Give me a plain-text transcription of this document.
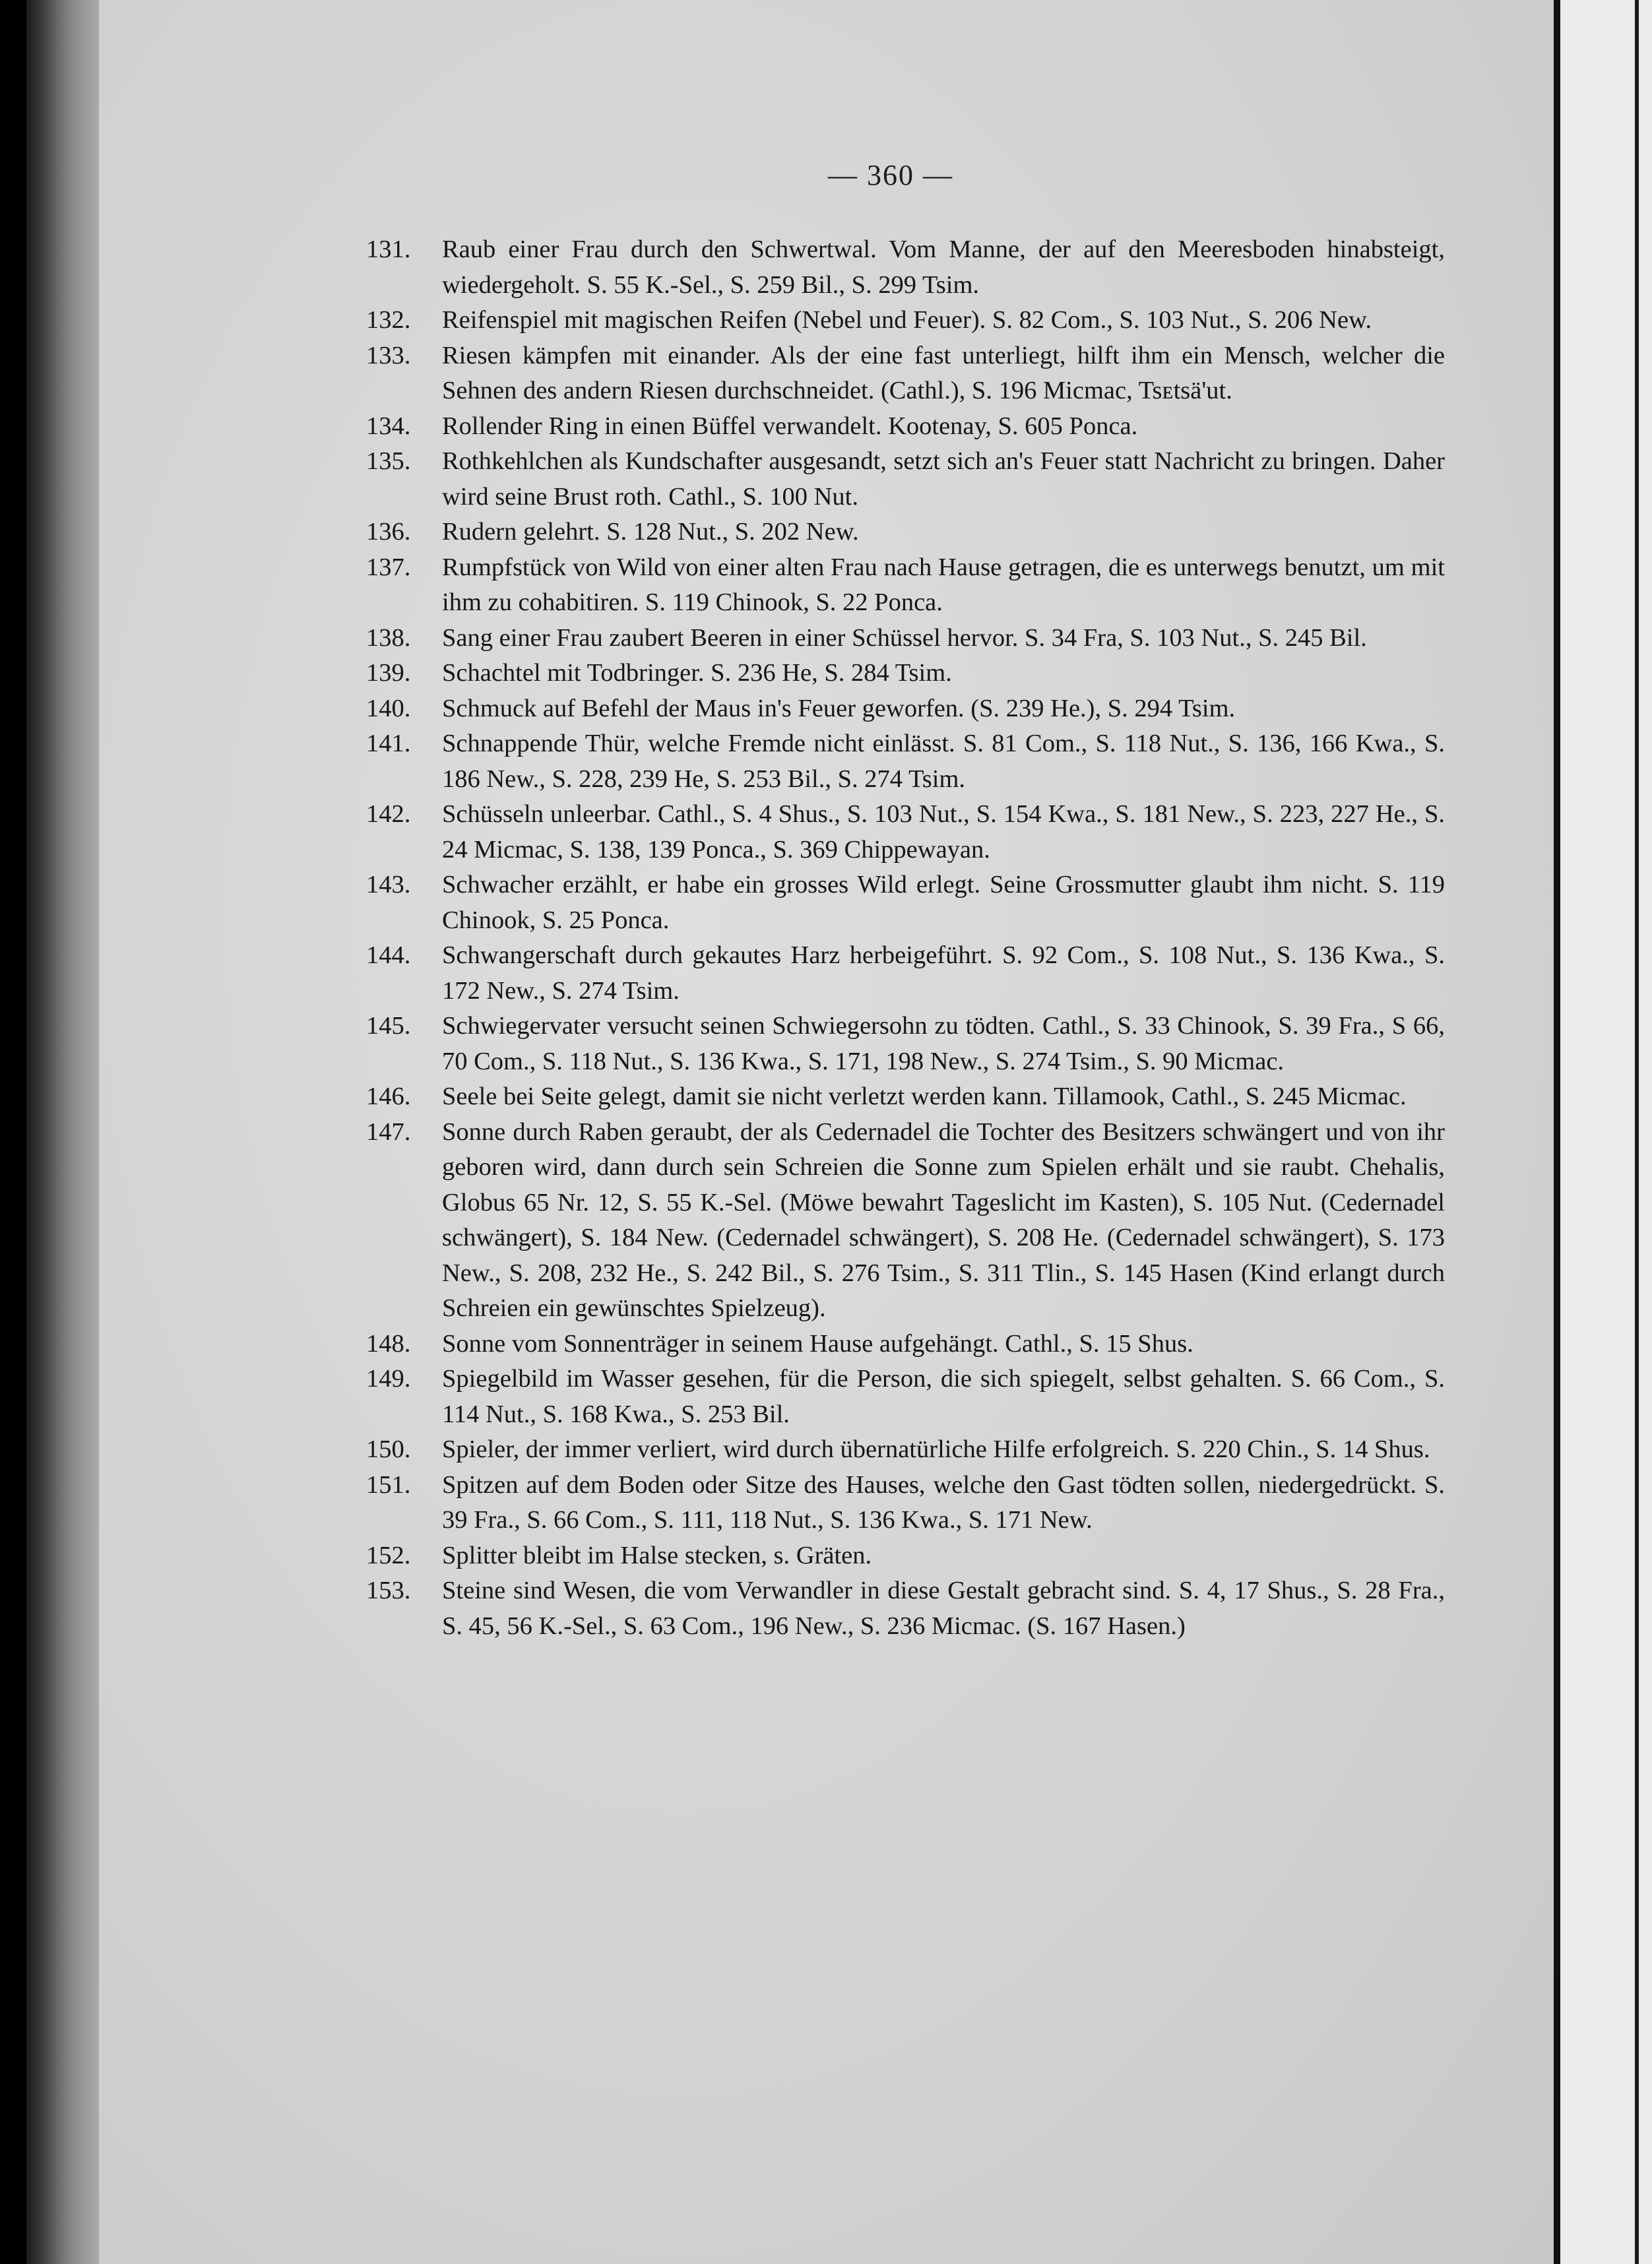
— 360 —
131.	Raub einer Frau durch den Schwertwal. Vom Manne, der auf den Meeresboden hinabsteigt, wiedergeholt. S. 55 K.-Sel., S. 259 Bil., S. 299 Tsim.
132.	Reifenspiel mit magischen Reifen (Nebel und Feuer). S. 82 Com., S. 103 Nut., S. 206 New.
133.	Riesen kämpfen mit einander. Als der eine fast unterliegt, hilft ihm ein Mensch, welcher die Sehnen des andern Riesen durchschneidet. (Cathl.), S. 196 Micmac, Tsᴇtsä'ut.
134.	Rollender Ring in einen Büffel verwandelt. Kootenay, S. 605 Ponca.
135.	Rothkehlchen als Kundschafter ausgesandt, setzt sich an's Feuer statt Nachricht zu bringen. Daher wird seine Brust roth. Cathl., S. 100 Nut.
136.	Rudern gelehrt. S. 128 Nut., S. 202 New.
137.	Rumpfstück von Wild von einer alten Frau nach Hause getragen, die es unterwegs benutzt, um mit ihm zu cohabitiren. S. 119 Chinook, S. 22 Ponca.
138.	Sang einer Frau zaubert Beeren in einer Schüssel hervor. S. 34 Fra, S. 103 Nut., S. 245 Bil.
139.	Schachtel mit Todbringer. S. 236 He, S. 284 Tsim.
140.	Schmuck auf Befehl der Maus in's Feuer geworfen. (S. 239 He.), S. 294 Tsim.
141.	Schnappende Thür, welche Fremde nicht einlässt. S. 81 Com., S. 118 Nut., S. 136, 166 Kwa., S. 186 New., S. 228, 239 He, S. 253 Bil., S. 274 Tsim.
142.	Schüsseln unleerbar. Cathl., S. 4 Shus., S. 103 Nut., S. 154 Kwa., S. 181 New., S. 223, 227 He., S. 24 Micmac, S. 138, 139 Ponca., S. 369 Chippewayan.
143.	Schwacher erzählt, er habe ein grosses Wild erlegt. Seine Grossmutter glaubt ihm nicht. S. 119 Chinook, S. 25 Ponca.
144.	Schwangerschaft durch gekautes Harz herbeigeführt. S. 92 Com., S. 108 Nut., S. 136 Kwa., S. 172 New., S. 274 Tsim.
145.	Schwiegervater versucht seinen Schwiegersohn zu tödten. Cathl., S. 33 Chinook, S. 39 Fra., S 66, 70 Com., S. 118 Nut., S. 136 Kwa., S. 171, 198 New., S. 274 Tsim., S. 90 Micmac.
146.	Seele bei Seite gelegt, damit sie nicht verletzt werden kann. Tillamook, Cathl., S. 245 Micmac.
147.	Sonne durch Raben geraubt, der als Cedernadel die Tochter des Besitzers schwängert und von ihr geboren wird, dann durch sein Schreien die Sonne zum Spielen erhält und sie raubt. Chehalis, Globus 65 Nr. 12, S. 55 K.-Sel. (Möwe bewahrt Tageslicht im Kasten), S. 105 Nut. (Cedernadel schwängert), S. 184 New. (Cedernadel schwängert), S. 208 He. (Cedernadel schwängert), S. 173 New., S. 208, 232 He., S. 242 Bil., S. 276 Tsim., S. 311 Tlin., S. 145 Hasen (Kind erlangt durch Schreien ein gewünschtes Spielzeug).
148.	Sonne vom Sonnenträger in seinem Hause aufgehängt. Cathl., S. 15 Shus.
149.	Spiegelbild im Wasser gesehen, für die Person, die sich spiegelt, selbst gehalten. S. 66 Com., S. 114 Nut., S. 168 Kwa., S. 253 Bil.
150.	Spieler, der immer verliert, wird durch übernatürliche Hilfe erfolgreich. S. 220 Chin., S. 14 Shus.
151.	Spitzen auf dem Boden oder Sitze des Hauses, welche den Gast tödten sollen, niedergedrückt. S. 39 Fra., S. 66 Com., S. 111, 118 Nut., S. 136 Kwa., S. 171 New.
152.	Splitter bleibt im Halse stecken, s. Gräten.
153.	Steine sind Wesen, die vom Verwandler in diese Gestalt gebracht sind. S. 4, 17 Shus., S. 28 Fra., S. 45, 56 K.-Sel., S. 63 Com., 196 New., S. 236 Micmac. (S. 167 Hasen.)
